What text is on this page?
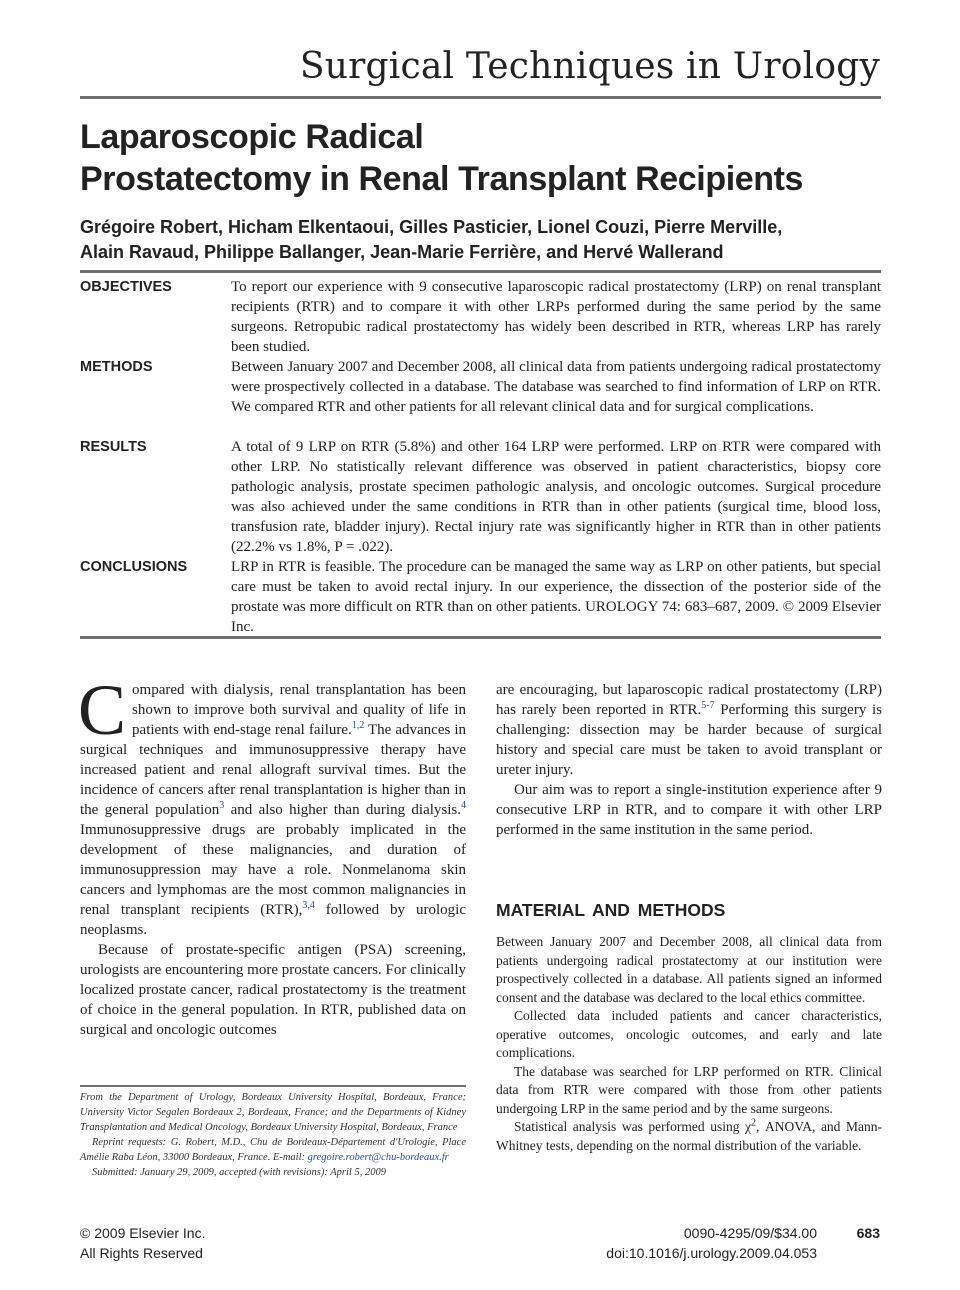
Surgical Techniques in Urology
Laparoscopic Radical
Prostatectomy in Renal Transplant Recipients
Grégoire Robert, Hicham Elkentaoui, Gilles Pasticier, Lionel Couzi, Pierre Merville,
Alain Ravaud, Philippe Ballanger, Jean-Marie Ferrière, and Hervé Wallerand
OBJECTIVES	To report our experience with 9 consecutive laparoscopic radical prostatectomy (LRP) on renal transplant recipients (RTR) and to compare it with other LRPs performed during the same period by the same surgeons. Retropubic radical prostatectomy has widely been described in RTR, whereas LRP has rarely been studied.
METHODS	Between January 2007 and December 2008, all clinical data from patients undergoing radical prostatectomy were prospectively collected in a database. The database was searched to find information of LRP on RTR. We compared RTR and other patients for all relevant clinical data and for surgical complications.
RESULTS	A total of 9 LRP on RTR (5.8%) and other 164 LRP were performed. LRP on RTR were compared with other LRP. No statistically relevant difference was observed in patient characteristics, biopsy core pathologic analysis, prostate specimen pathologic analysis, and oncologic outcomes. Surgical procedure was also achieved under the same conditions in RTR than in other patients (surgical time, blood loss, transfusion rate, bladder injury). Rectal injury rate was significantly higher in RTR than in other patients (22.2% vs 1.8%, P = .022).
CONCLUSIONS	LRP in RTR is feasible. The procedure can be managed the same way as LRP on other patients, but special care must be taken to avoid rectal injury. In our experience, the dissection of the posterior side of the prostate was more difficult on RTR than on other patients. UROLOGY 74: 683–687, 2009. © 2009 Elsevier Inc.

Compared with dialysis, renal transplantation has been shown to improve both survival and quality of life in patients with end-stage renal failure.$^{1,2}$ The advances in surgical techniques and immunosuppressive therapy have increased patient and renal allograft survival times. But the incidence of cancers after renal transplantation is higher than in the general population$^3$ and also higher than during dialysis.$^4$ Immunosuppressive drugs are probably implicated in the development of these malignancies, and duration of immunosuppression may have a role. Nonmelanoma skin cancers and lymphomas are the most common malignancies in renal transplant recipients (RTR),$^{3,4}$ followed by urologic neoplasms.

Because of prostate-specific antigen (PSA) screening, urologists are encountering more prostate cancers. For clinically localized prostate cancer, radical prostatectomy is the treatment of choice in the general population. In RTR, published data on surgical and oncologic outcomes

are encouraging, but laparoscopic radical prostatectomy (LRP) has rarely been reported in RTR.$^{5-7}$ Performing this surgery is challenging: dissection may be harder because of surgical history and special care must be taken to avoid transplant or ureter injury.

Our aim was to report a single-institution experience after 9 consecutive LRP in RTR, and to compare it with other LRP performed in the same institution in the same period.

MATERIAL AND METHODS

Between January 2007 and December 2008, all clinical data from patients undergoing radical prostatectomy at our institution were prospectively collected in a database. All patients signed an informed consent and the database was declared to the local ethics committee.

Collected data included patients and cancer characteristics, operative outcomes, oncologic outcomes, and early and late complications.

The database was searched for LRP performed on RTR. Clinical data from RTR were compared with those from other patients undergoing LRP in the same period and by the same surgeons.

Statistical analysis was performed using $\chi^2$, ANOVA, and Mann-Whitney tests, depending on the normal distribution of the variable.

From the Department of Urology, Bordeaux University Hospital, Bordeaux, France; University Victor Segalen Bordeaux 2, Bordeaux, France; and the Departments of Kidney Transplantation and Medical Oncology, Bordeaux University Hospital, Bordeaux, France

Reprint requests: G. Robert, M.D., Chu de Bordeaux-Département d'Urologie, Place Amélie Raba Léon, 33000 Bordeaux, France. E-mail: gregoire.robert@chu-bordeaux.fr

Submitted: January 29, 2009, accepted (with revisions): April 5, 2009

© 2009 Elsevier Inc.
All Rights Reserved
0090-4295/09/$34.00
doi:10.1016/j.urology.2009.04.053
683
